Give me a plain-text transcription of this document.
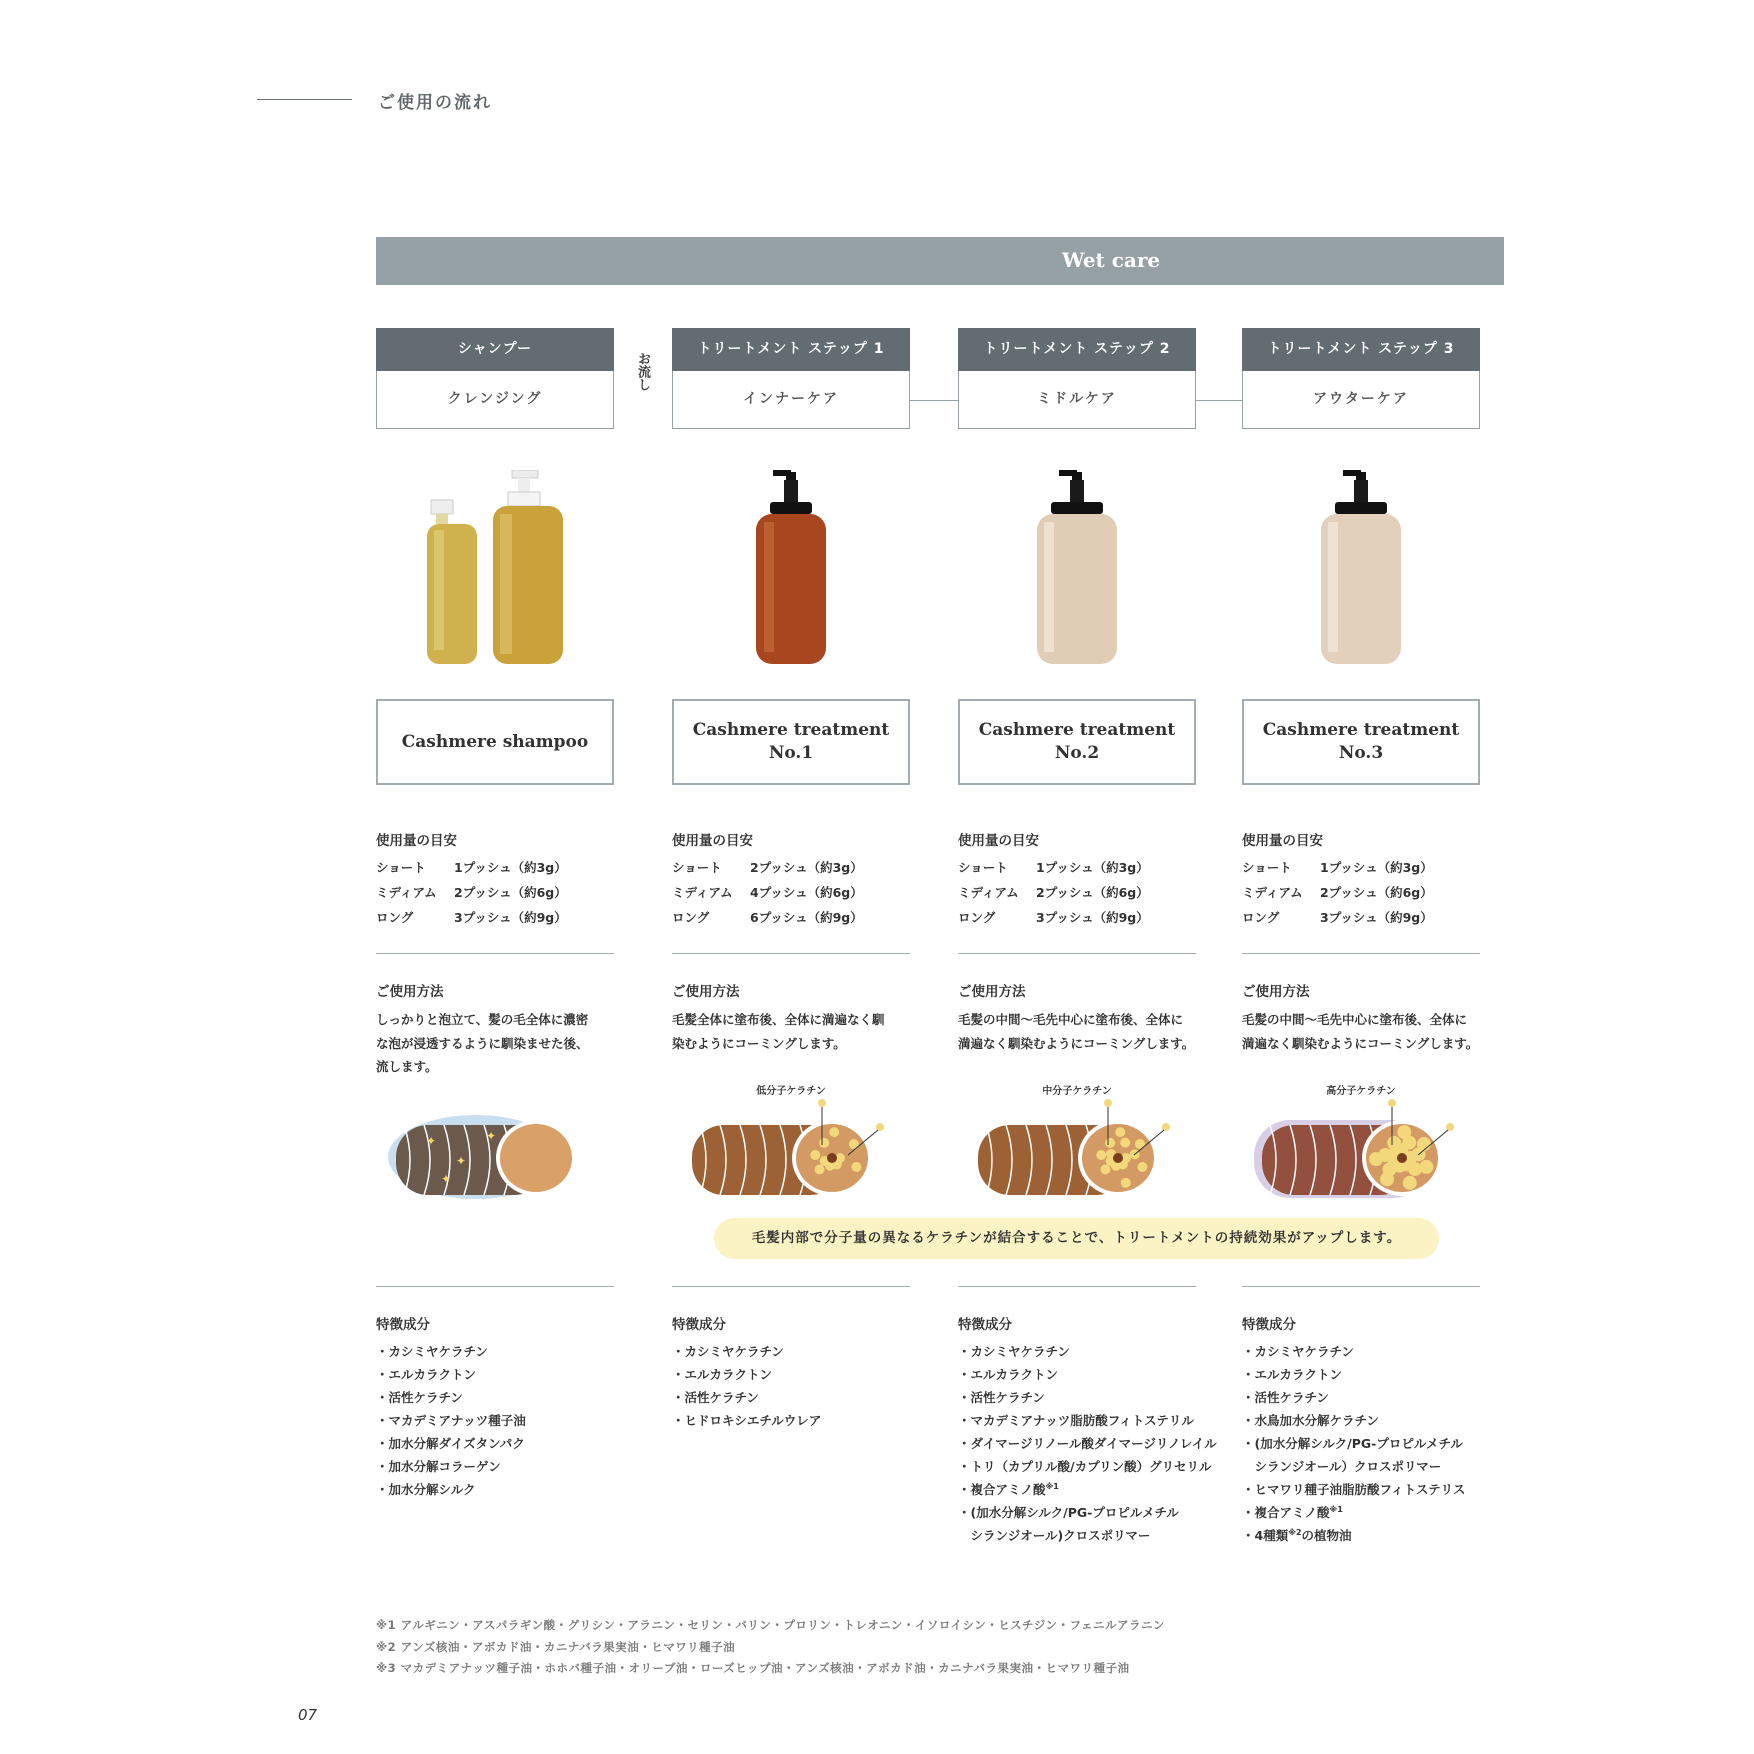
ご使用の流れ
Wet care
お流し
シャンプー
クレンジング
Cashmere shampoo
使用量の目安
ショート 1プッシュ（約3g）
ミディアム 2プッシュ（約6g）
ロング	3プッシュ（約9g）
ご使用方法
しっかりと泡立て、髪の毛全体に濃密
な泡が浸透するように馴染ませた後、
流します。
✦
✦
✦
✦
特徴成分
・カシミヤケラチン
・エルカラクトン
・活性ケラチン
・マカデミアナッツ種子油
・加水分解ダイズタンパク
・加水分解コラーゲン
・加水分解シルク
トリートメント ステップ 1
インナーケア
Cashmere treatment
No.1
使用量の目安
ショート 2プッシュ（約3g）
ミディアム 4プッシュ（約6g）
ロング	6プッシュ（約9g）
ご使用方法
毛髪全体に塗布後、全体に満遍なく馴
染むようにコーミングします。
低分子ケラチン
特徴成分
・カシミヤケラチン
・エルカラクトン
・活性ケラチン
・ヒドロキシエチルウレア
トリートメント ステップ 2
ミドルケア
Cashmere treatment
No.2
使用量の目安
ショート 1プッシュ（約3g）
ミディアム 2プッシュ（約6g）
ロング	3プッシュ（約9g）
ご使用方法
毛髪の中間〜毛先中心に塗布後、全体に
満遍なく馴染むようにコーミングします。
中分子ケラチン
特徴成分
・カシミヤケラチン
・エルカラクトン
・活性ケラチン
・マカデミアナッツ脂肪酸フィトステリル
・ダイマージリノール酸ダイマージリノレイル
・トリ（カプリル酸/カプリン酸）グリセリル
・複合アミノ酸$^{※1}$
・(加水分解シルク/PG-プロピルメチル
　シランジオール)クロスポリマー
トリートメント ステップ 3
アウターケア
Cashmere treatment
No.3
使用量の目安
ショート 1プッシュ（約3g）
ミディアム 2プッシュ（約6g）
ロング	3プッシュ（約9g）
ご使用方法
毛髪の中間〜毛先中心に塗布後、全体に
満遍なく馴染むようにコーミングします。
高分子ケラチン
特徴成分
・カシミヤケラチン
・エルカラクトン
・活性ケラチン
・水鳥加水分解ケラチン
・(加水分解シルク/PG-プロピルメチル
　シランジオール）クロスポリマー
・ヒマワリ種子油脂肪酸フィトステリス
・複合アミノ酸$^{※1}$
・4種類$^{※2}$の植物油
毛髪内部で分子量の異なるケラチンが結合することで、トリートメントの持続効果がアップします。
※1 アルギニン・アスパラギン酸・グリシン・アラニン・セリン・バリン・プロリン・トレオニン・イソロイシン・ヒスチジン・フェニルアラニン
※2 アンズ核油・アボカド油・カニナバラ果実油・ヒマワリ種子油
※3 マカデミアナッツ種子油・ホホバ種子油・オリーブ油・ローズヒップ油・アンズ核油・アボカド油・カニナバラ果実油・ヒマワリ種子油
07
